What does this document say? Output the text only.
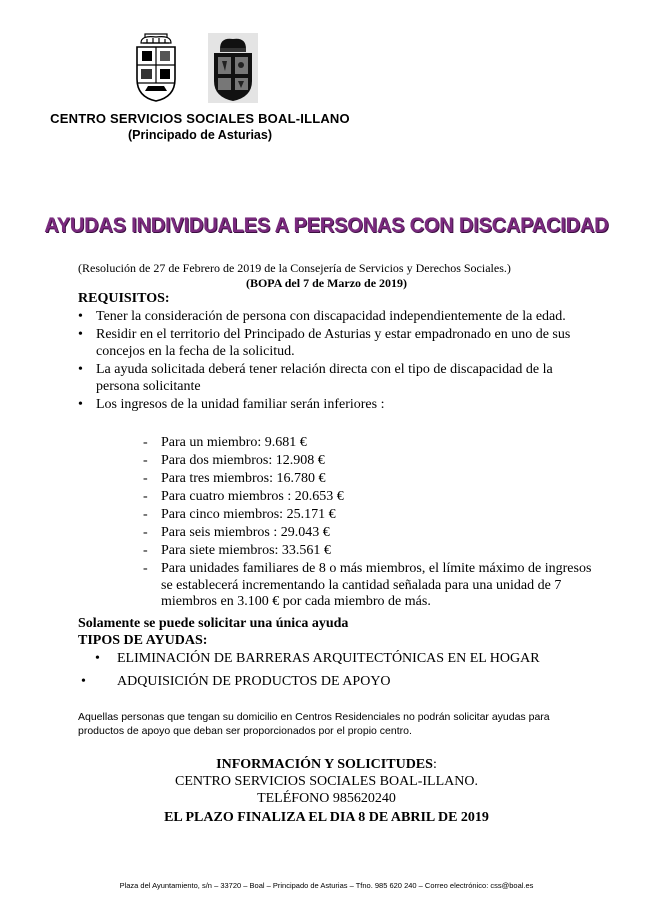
CENTRO SERVICIOS SOCIALES BOAL-ILLANO
(Principado de Asturias)
AYUDAS INDIVIDUALES A PERSONAS CON DISCAPACIDAD
(Resolución de 27 de Febrero de 2019 de la Consejería de Servicios y Derechos Sociales.)
(BOPA del 7 de Marzo de 2019)
REQUISITOS:
• Tener la consideración de persona con discapacidad independientemente de la edad.
• Residir en el territorio del Principado de Asturias y estar empadronado en uno de sus concejos en la fecha de la solicitud.
• La ayuda solicitada deberá tener relación directa con el tipo de discapacidad de la persona solicitante
• Los ingresos de la unidad familiar serán inferiores :
- Para un miembro: 9.681 €
- Para dos miembros: 12.908 €
- Para tres miembros: 16.780 €
- Para cuatro miembros : 20.653 €
- Para cinco miembros: 25.171 €
- Para seis miembros : 29.043 €
- Para siete miembros: 33.561 €
- Para unidades familiares de 8 o más miembros, el límite máximo de ingresos se establecerá incrementando la cantidad señalada para una unidad de 7 miembros en 3.100 € por cada miembro de más.
Solamente se puede solicitar una única ayuda
TIPOS DE AYUDAS:
• ELIMINACIÓN DE BARRERAS ARQUITECTÓNICAS EN EL HOGAR
• ADQUISICIÓN DE PRODUCTOS DE APOYO
Aquellas personas que tengan su domicilio en Centros Residenciales no podrán solicitar ayudas para productos de apoyo que deban ser proporcionados por el propio centro.
INFORMACIÓN Y SOLICITUDES:
CENTRO SERVICIOS SOCIALES BOAL-ILLANO.
TELÉFONO 985620240
EL PLAZO FINALIZA EL DIA 8 DE ABRIL DE 2019
Plaza del Ayuntamiento, s/n – 33720 – Boal – Principado de Asturias – Tfno. 985 620 240 – Correo electrónico: css@boal.es
